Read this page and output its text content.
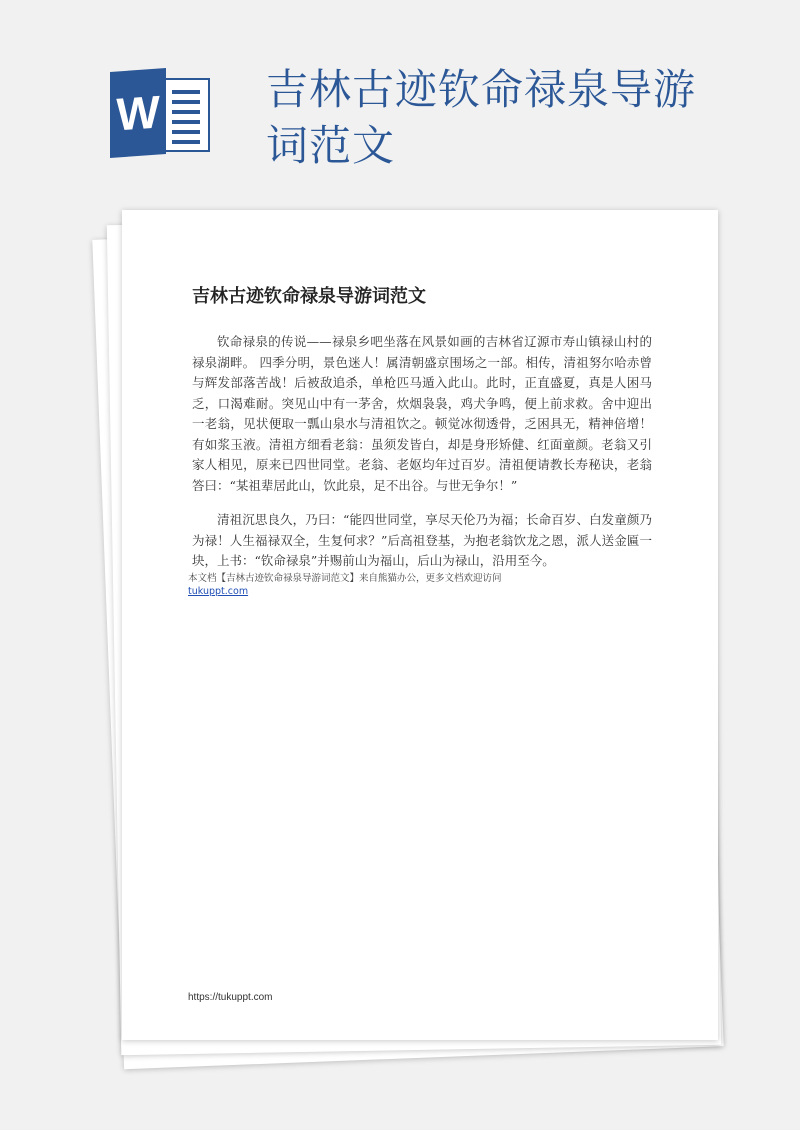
W	吉林古迹钦命禄泉导游词范文
吉林古迹钦命禄泉导游词范文

钦命禄泉的传说——禄泉乡吧坐落在风景如画的吉林省辽源市寿山镇禄山村的禄泉湖畔。 四季分明，景色迷人！属清朝盛京围场之一部。相传，清祖努尔哈赤曾与辉发部落苦战！后被敌追杀，单枪匹马遁入此山。此时，正直盛夏，真是人困马乏，口渴难耐。突见山中有一茅舍，炊烟袅袅，鸡犬争鸣，便上前求救。舍中迎出一老翁，见状便取一瓢山泉水与清祖饮之。顿觉冰彻透骨，乏困具无，精神倍增！有如浆玉液。清祖方细看老翁：虽须发皆白，却是身形矫健、红面童颜。老翁又引家人相见，原来已四世同堂。老翁、老妪均年过百岁。清祖便请教长寿秘诀，老翁答曰：“某祖辈居此山，饮此泉，足不出谷。与世无争尔！”

清祖沉思良久，乃曰：“能四世同堂，享尽天伦乃为福；长命百岁、白发童颜乃为禄！人生福禄双全，生复何求？”后高祖登基，为抱老翁饮龙之恩，派人送金匾一块，上书：“钦命禄泉”并赐前山为福山，后山为禄山，沿用至今。

本文档【吉林古迹钦命禄泉导游词范文】来自熊猫办公，更多文档欢迎访问
tukuppt.com
https://tukuppt.com
